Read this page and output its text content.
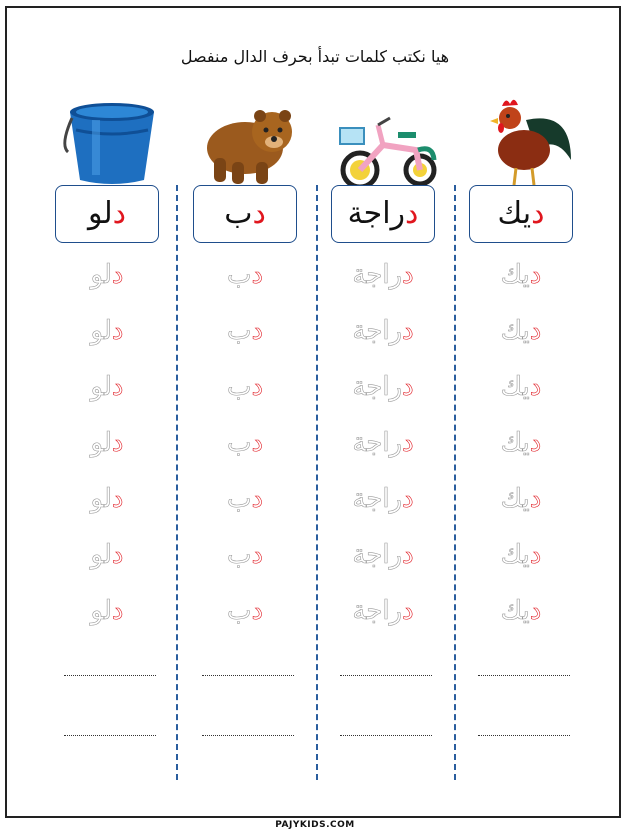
هيا نكتب كلمات تبدأ بحرف الدال منفصل
دلو
دلو
دلو
دلو
دلو
دلو
دلو
دلو
دب
دب
دب
دب
دب
دب
دب
دب
دراجة
دراجة
دراجة
دراجة
دراجة
دراجة
دراجة
دراجة
ديك
ديك
ديك
ديك
ديك
ديك
ديك
ديك
PAJYKIDS.COM
